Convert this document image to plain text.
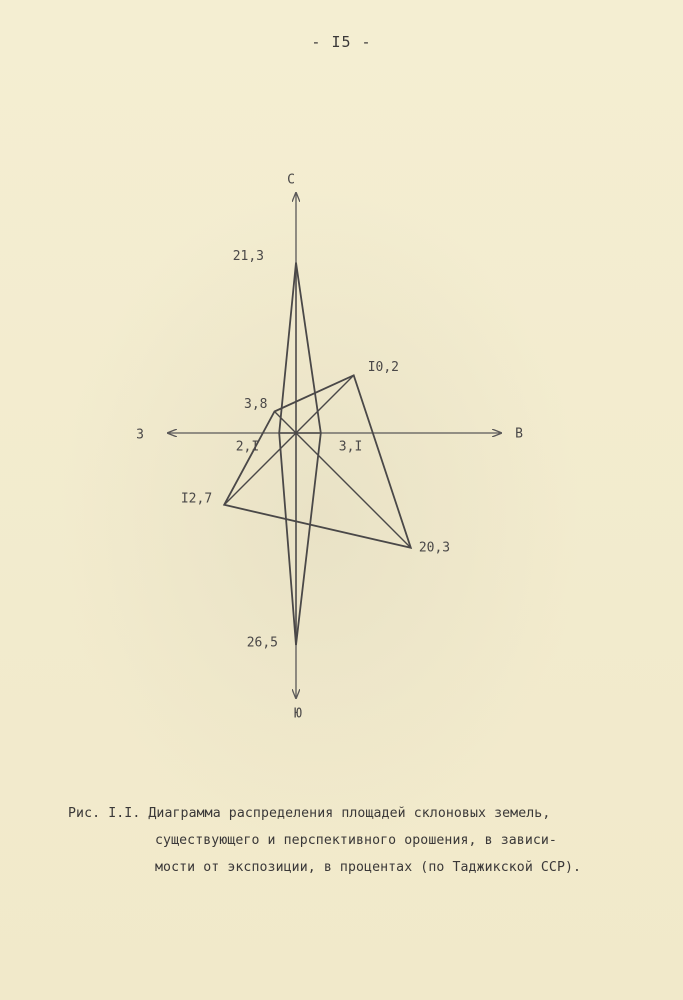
- I5 -
С
В
Ю
З
21,3
3,I
26,5
2,I
I0,2
20,3
I2,7
3,8
Рис. I.I. Диаграмма распределения площадей склоновых земель,
существующего и перспективного орошения, в зависи-
мости от экспозиции, в процентах (по Таджикской ССР).
